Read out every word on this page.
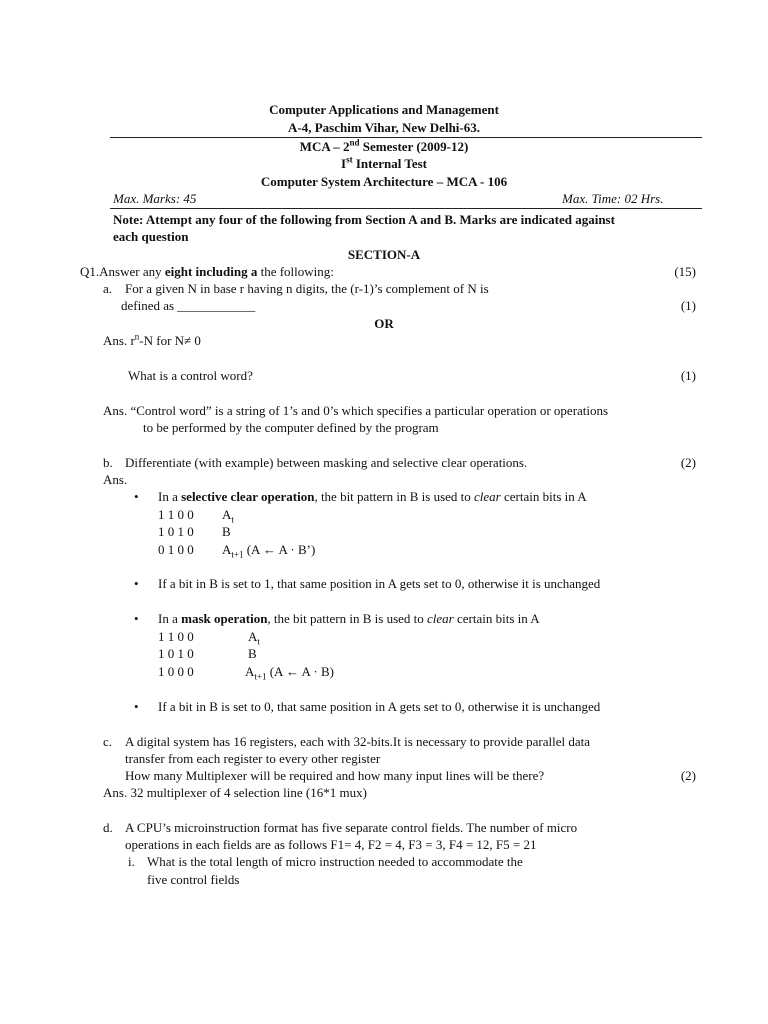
Computer Applications and Management
A-4, Paschim Vihar, New Delhi-63.
MCA – 2nd Semester (2009-12)
Ist Internal Test
Computer System Architecture – MCA - 106
Max. Marks: 45	Max. Time: 02 Hrs.
Note: Attempt any four of the following from Section A and B. Marks are indicated against
each question
SECTION-A
Q1.Answer any eight including a the following:	(15)
a. For a given N in base r having n digits, the (r-1)’s complement of N is
defined as ____________	(1)
OR
Ans. $r^n-N$ for N≠ 0
What is a control word?	(1)
Ans. “Control word” is a string of 1’s and 0’s which specifies a particular operation or operations
to be performed by the computer defined by the program
b. Differentiate (with example) between masking and selective clear operations.	(2)
Ans.
• In a selective clear operation, the bit pattern in B is used to clear certain bits in A
1 1 0 0 $A_t$
1 0 1 0 B
0 1 0 0 $A_{t+1}$ (A ← A · B’)
• If a bit in B is set to 1, that same position in A gets set to 0, otherwise it is unchanged
• In a mask operation, the bit pattern in B is used to clear certain bits in A
1 1 0 0	$A_t$
1 0 1 0	B
1 0 0 0	$A_{t+1}$ (A ← A · B)
• If a bit in B is set to 0, that same position in A gets set to 0, otherwise it is unchanged
c. A digital system has 16 registers, each with 32-bits.It is necessary to provide parallel data
transfer from each register to every other register
How many Multiplexer will be required and how many input lines will be there?	(2)
Ans. 32 multiplexer of 4 selection line (16*1 mux)
d. A CPU’s microinstruction format has five separate control fields. The number of micro
operations in each fields are as follows F1= 4, F2 = 4, F3 = 3, F4 = 12, F5 = 21
i. What is the total length of micro instruction needed to accommodate the
five control fields
